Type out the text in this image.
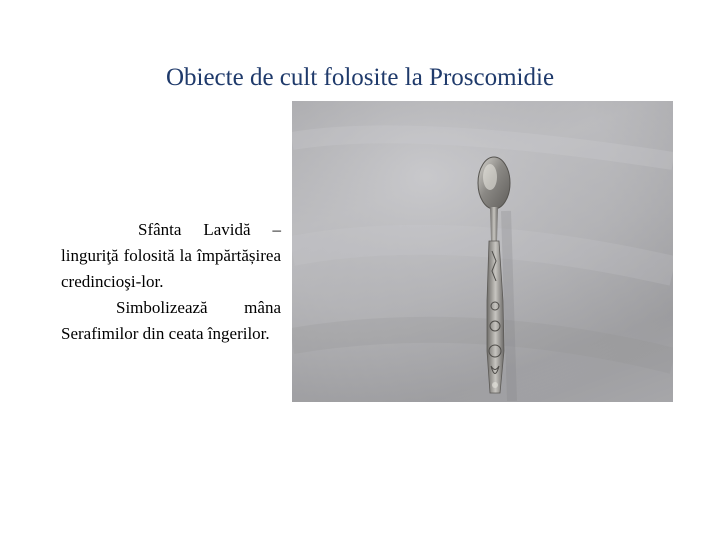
Obiecte de cult folosite la Proscomidie
Sfânta Lavidă – linguriţă folosită la împărtășirea credincioşi-lor.
Simbolizează mâna Serafimilor din ceata îngerilor.
